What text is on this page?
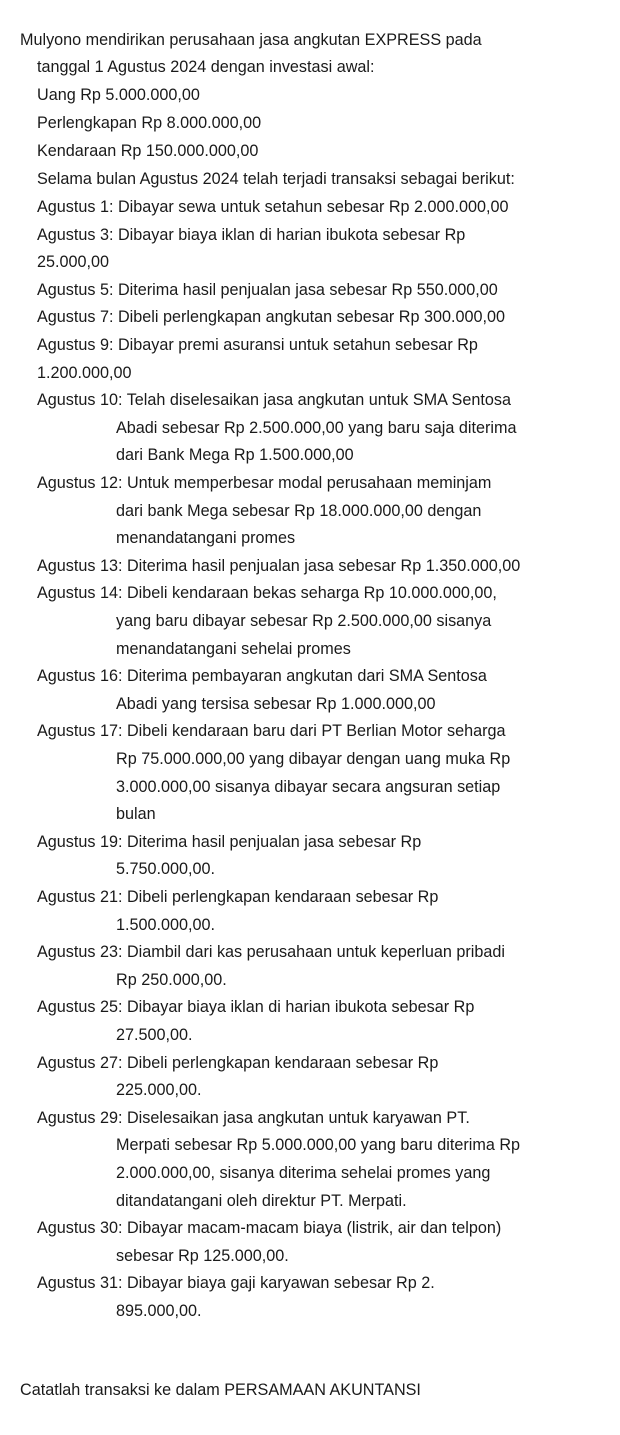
Mulyono mendirikan perusahaan jasa angkutan EXPRESS pada
tanggal 1 Agustus 2024 dengan investasi awal:
Uang Rp 5.000.000,00
Perlengkapan Rp 8.000.000,00
Kendaraan Rp 150.000.000,00
Selama bulan Agustus 2024 telah terjadi transaksi sebagai berikut:
Agustus 1: Dibayar sewa untuk setahun sebesar Rp 2.000.000,00
Agustus 3: Dibayar biaya iklan di harian ibukota sebesar Rp
25.000,00
Agustus 5: Diterima hasil penjualan jasa sebesar Rp 550.000,00
Agustus 7: Dibeli perlengkapan angkutan sebesar Rp 300.000,00
Agustus 9: Dibayar premi asuransi untuk setahun sebesar Rp
1.200.000,00
Agustus 10: Telah diselesaikan jasa angkutan untuk SMA Sentosa
Abadi sebesar Rp 2.500.000,00 yang baru saja diterima
dari Bank Mega Rp 1.500.000,00
Agustus 12: Untuk memperbesar modal perusahaan meminjam
dari bank Mega sebesar Rp 18.000.000,00 dengan
menandatangani promes
Agustus 13: Diterima hasil penjualan jasa sebesar Rp 1.350.000,00
Agustus 14: Dibeli kendaraan bekas seharga Rp 10.000.000,00,
yang baru dibayar sebesar Rp 2.500.000,00 sisanya
menandatangani sehelai promes
Agustus 16: Diterima pembayaran angkutan dari SMA Sentosa
Abadi yang tersisa sebesar Rp 1.000.000,00
Agustus 17: Dibeli kendaraan baru dari PT Berlian Motor seharga
Rp 75.000.000,00 yang dibayar dengan uang muka Rp
3.000.000,00 sisanya dibayar secara angsuran setiap
bulan
Agustus 19: Diterima hasil penjualan jasa sebesar Rp
5.750.000,00.
Agustus 21: Dibeli perlengkapan kendaraan sebesar Rp
1.500.000,00.
Agustus 23: Diambil dari kas perusahaan untuk keperluan pribadi
Rp 250.000,00.
Agustus 25: Dibayar biaya iklan di harian ibukota sebesar Rp
27.500,00.
Agustus 27: Dibeli perlengkapan kendaraan sebesar Rp
225.000,00.
Agustus 29: Diselesaikan jasa angkutan untuk karyawan PT.
Merpati sebesar Rp 5.000.000,00 yang baru diterima Rp
2.000.000,00, sisanya diterima sehelai promes yang
ditandatangani oleh direktur PT. Merpati.
Agustus 30: Dibayar macam-macam biaya (listrik, air dan telpon)
sebesar Rp 125.000,00.
Agustus 31: Dibayar biaya gaji karyawan sebesar Rp 2.
895.000,00.
Catatlah transaksi ke dalam PERSAMAAN AKUNTANSI
